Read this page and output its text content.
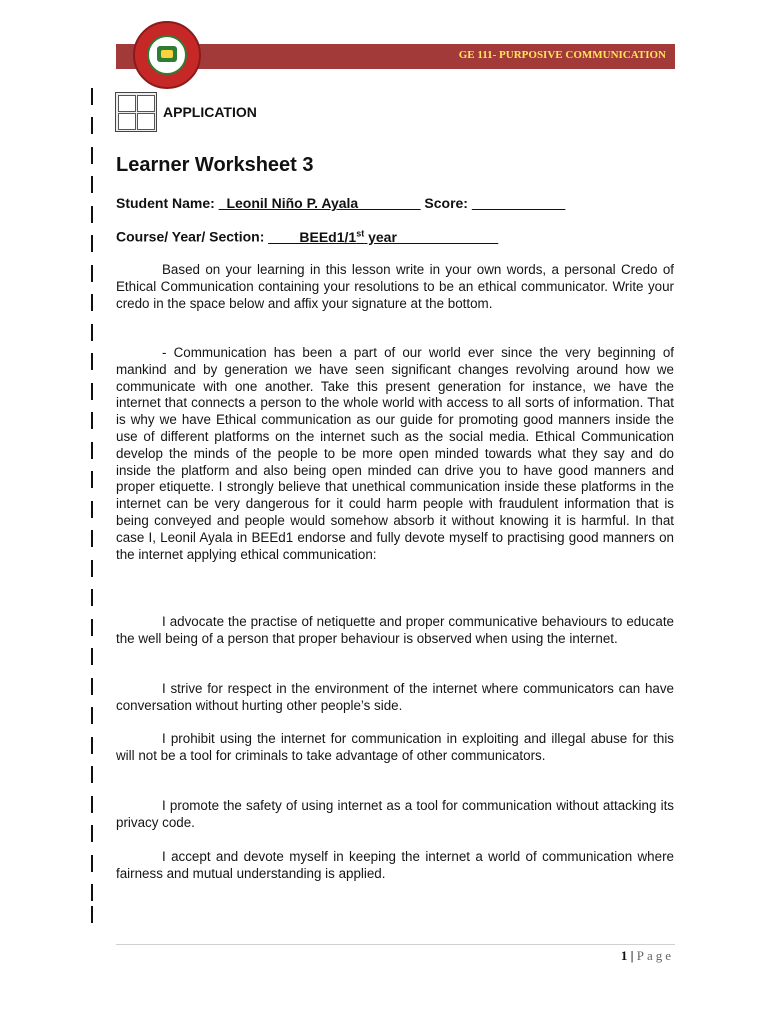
GE 111- PURPOSIVE COMMUNICATION
APPLICATION
Learner Worksheet 3
Student Name: _Leonil Niño P. Ayala________ Score: ____________
Course/ Year/ Section: ____BEEd1/1st year_____________

Based on your learning in this lesson write in your own words, a personal Credo of Ethical Communication containing your resolutions to be an ethical communicator. Write your credo in the space below and affix your signature at the bottom.

- Communication has been a part of our world ever since the very beginning of mankind and by generation we have seen significant changes revolving around how we communicate with one another. Take this present generation for instance, we have the internet that connects a person to the whole world with access to all sorts of information. That is why we have Ethical communication as our guide for promoting good manners inside the use of different platforms on the internet such as the social media. Ethical Communication develop the minds of the people to be more open minded towards what they say and do inside the platform and also being open minded can drive you to have good manners and proper etiquette. I strongly believe that unethical communication inside these platforms in the internet can be very dangerous for it could harm people with fraudulent information that is being conveyed and people would somehow absorb it without knowing it is harmful. In that case I, Leonil Ayala in BEEd1 endorse and fully devote myself to practising good manners on the internet applying ethical communication:

I advocate the practise of netiquette and proper communicative behaviours to educate the well being of a person that proper behaviour is observed when using the internet.

I strive for respect in the environment of the internet where communicators can have conversation without hurting other people’s side.

I prohibit using the internet for communication in exploiting and illegal abuse for this will not be a tool for criminals to take advantage of other communicators.

I promote the safety of using internet as a tool for communication without attacking its privacy code.

I accept and devote myself in keeping the internet a world of communication where fairness and mutual understanding is applied.

1 | Page
